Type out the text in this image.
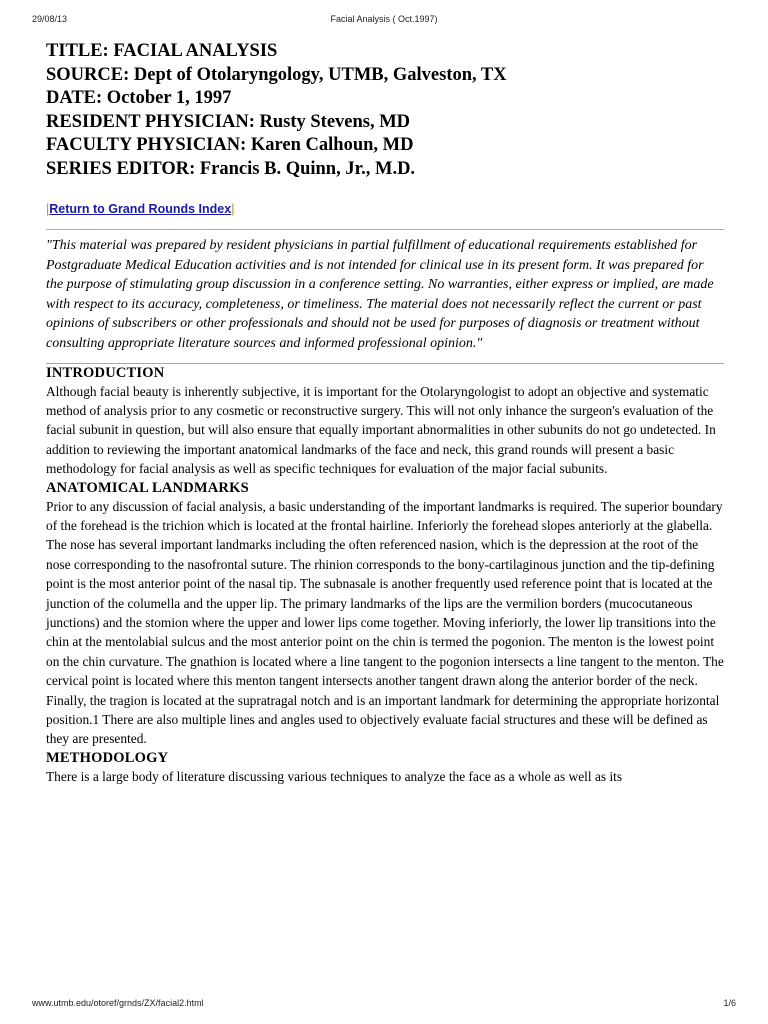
29/08/13	Facial Analysis ( Oct.1997)
TITLE: FACIAL ANALYSIS
SOURCE: Dept of Otolaryngology, UTMB, Galveston, TX
DATE: October 1, 1997
RESIDENT PHYSICIAN: Rusty Stevens, MD
FACULTY PHYSICIAN: Karen Calhoun, MD
SERIES EDITOR: Francis B. Quinn, Jr., M.D.
|Return to Grand Rounds Index|
"This material was prepared by resident physicians in partial fulfillment of educational requirements established for Postgraduate Medical Education activities and is not intended for clinical use in its present form. It was prepared for the purpose of stimulating group discussion in a conference setting. No warranties, either express or implied, are made with respect to its accuracy, completeness, or timeliness. The material does not necessarily reflect the current or past opinions of subscribers or other professionals and should not be used for purposes of diagnosis or treatment without consulting appropriate literature sources and informed professional opinion."
INTRODUCTION

Although facial beauty is inherently subjective, it is important for the Otolaryngologist to adopt an objective and systematic method of analysis prior to any cosmetic or reconstructive surgery. This will not only inhance the surgeon's evaluation of the facial subunit in question, but will also ensure that equally important abnormalities in other subunits do not go undetected. In addition to reviewing the important anatomical landmarks of the face and neck, this grand rounds will present a basic methodology for facial analysis as well as specific techniques for evaluation of the major facial subunits.

ANATOMICAL LANDMARKS

Prior to any discussion of facial analysis, a basic understanding of the important landmarks is required. The superior boundary of the forehead is the trichion which is located at the frontal hairline. Inferiorly the forehead slopes anteriorly at the glabella. The nose has several important landmarks including the often referenced nasion, which is the depression at the root of the nose corresponding to the nasofrontal suture. The rhinion corresponds to the bony-cartilaginous junction and the tip-defining point is the most anterior point of the nasal tip. The subnasale is another frequently used reference point that is located at the junction of the columella and the upper lip. The primary landmarks of the lips are the vermilion borders (mucocutaneous junctions) and the stomion where the upper and lower lips come together. Moving inferiorly, the lower lip transitions into the chin at the mentolabial sulcus and the most anterior point on the chin is termed the pogonion. The menton is the lowest point on the chin curvature. The gnathion is located where a line tangent to the pogonion intersects a line tangent to the menton. The cervical point is located where this menton tangent intersects another tangent drawn along the anterior border of the neck. Finally, the tragion is located at the supratragal notch and is an important landmark for determining the appropriate horizontal position.1 There are also multiple lines and angles used to objectively evaluate facial structures and these will be defined as they are presented.

METHODOLOGY

There is a large body of literature discussing various techniques to analyze the face as a whole as well as its

www.utmb.edu/otoref/grnds/ZX/facial2.html	1/6
